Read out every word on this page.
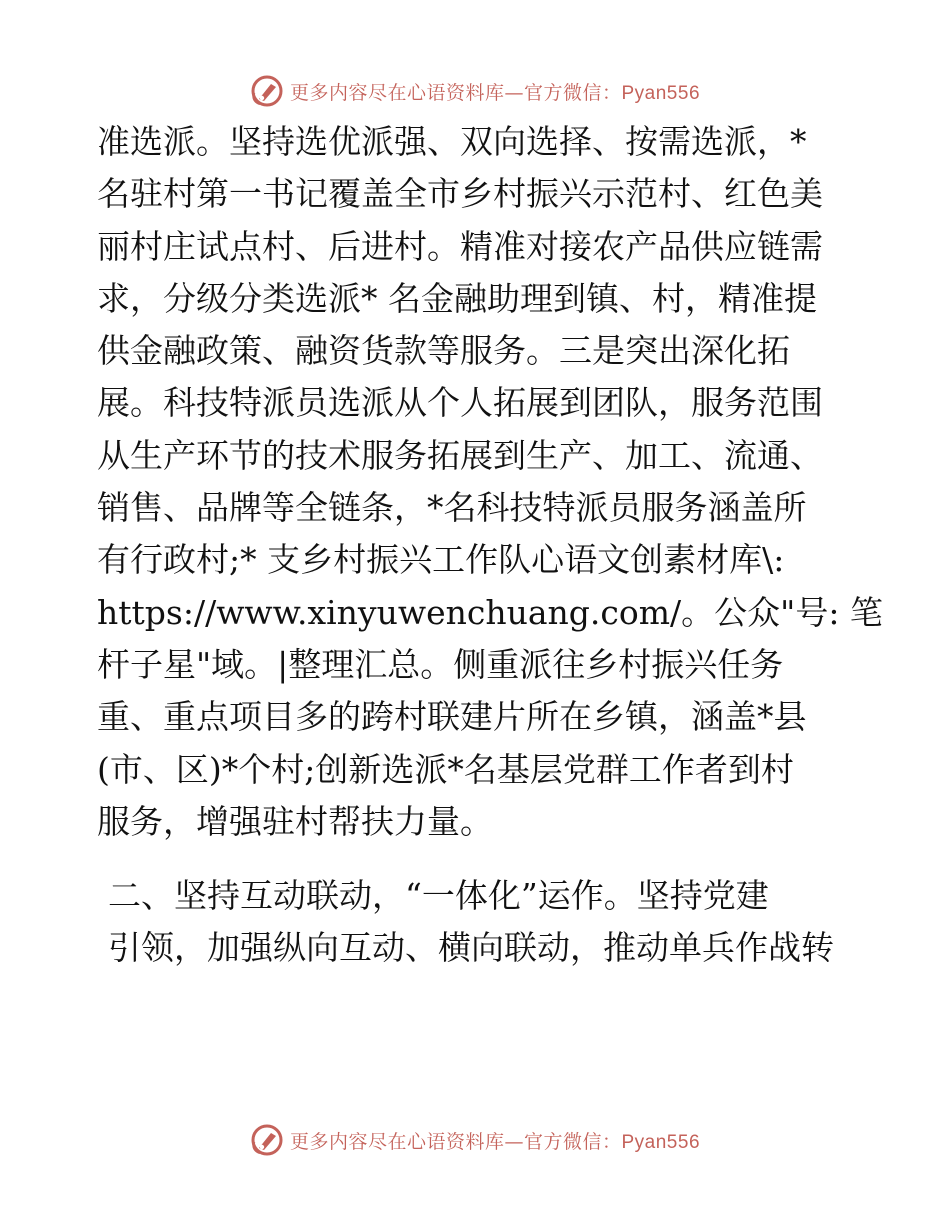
更多内容尽在心语资料库—官方微信：Pyan556
准选派。坚持选优派强、双向选择、按需选派，*
名驻村第一书记覆盖全市乡村振兴示范村、红色美
丽村庄试点村、后进村。精准对接农产品供应链需
求，分级分类选派* 名金融助理到镇、村，精准提
供金融政策、融资货款等服务。三是突出深化拓
展。科技特派员选派从个人拓展到团队，服务范围
从生产环节的技术服务拓展到生产、加工、流通、
销售、品牌等全链条，*名科技特派员服务涵盖所
有行政村;* 支乡村振兴工作队心语文创素材库\:
https://www.xinyuwenchuang.com/。公众"号: 笔
杆子星"域。|整理汇总。侧重派往乡村振兴任务
重、重点项目多的跨村联建片所在乡镇，涵盖*县
(市、区)*个村;创新选派*名基层党群工作者到村
服务，增强驻村帮扶力量。
二、坚持互动联动，“一体化”运作。坚持党建
引领，加强纵向互动、横向联动，推动单兵作战转
更多内容尽在心语资料库—官方微信：Pyan556
